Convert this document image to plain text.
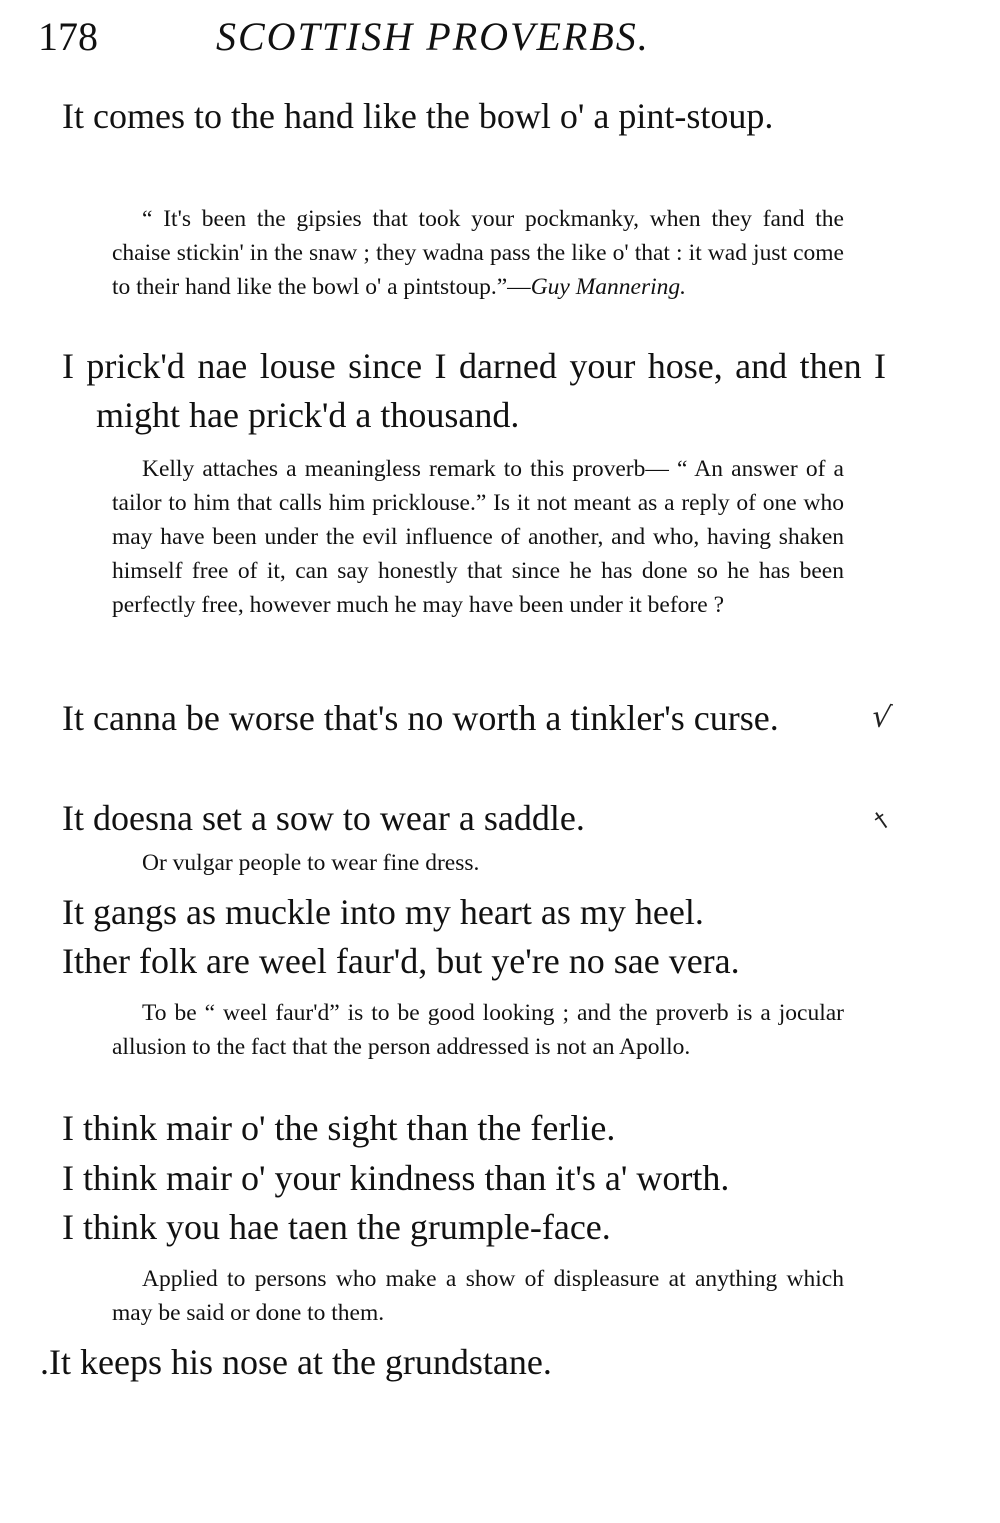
178	SCOTTISH PROVERBS.

It comes to the hand like the bowl o' a pint-stoup.

“ It's been the gipsies that took your pockmanky, when they fand the chaise stickin' in the snaw ; they wadna pass the like o' that : it wad just come to their hand like the bowl o' a pintstoup.”—Guy Mannering.

I prick'd nae louse since I darned your hose, and then I might hae prick'd a thousand.

Kelly attaches a meaningless remark to this proverb— “ An answer of a tailor to him that calls him pricklouse.” Is it not meant as a reply of one who may have been under the evil influence of another, and who, having shaken himself free of it, can say honestly that since he has done so he has been perfectly free, however much he may have been under it before ?

It canna be worse that's no worth a tinkler's curse.

It doesna set a sow to wear a saddle.

Or vulgar people to wear fine dress.

It gangs as muckle into my heart as my heel.

Ither folk are weel faur'd, but ye're no sae vera.

To be “ weel faur'd” is to be good looking ; and the proverb is a jocular allusion to the fact that the person addressed is not an Apollo.

I think mair o' the sight than the ferlie.

I think mair o' your kindness than it's a' worth.

I think you hae taen the grumple-face.

Applied to persons who make a show of displeasure at anything which may be said or done to them.

.It keeps his nose at the grundstane.

√
†
